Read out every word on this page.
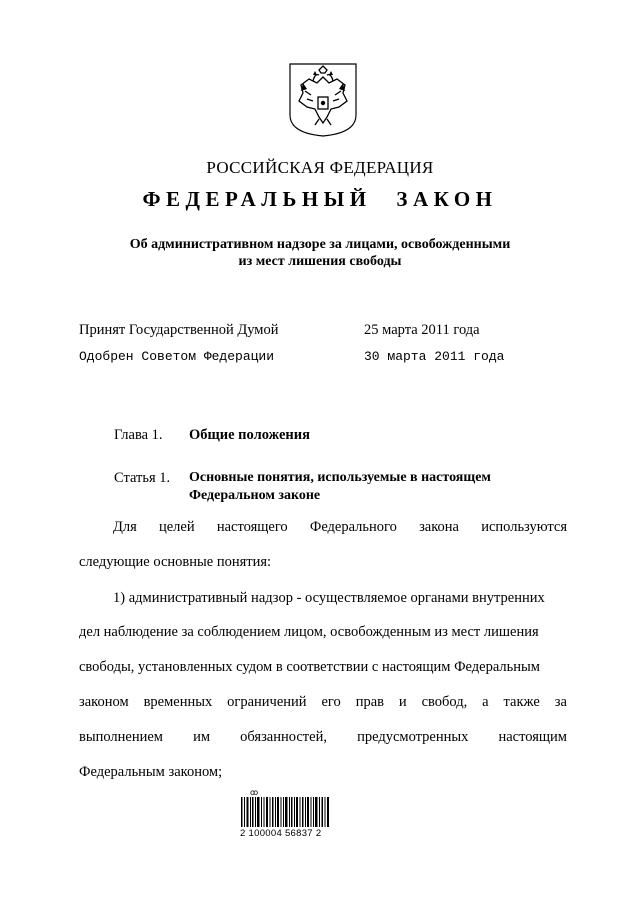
РОССИЙСКАЯ ФЕДЕРАЦИЯ
ФЕДЕРАЛЬНЫЙ ЗАКОН
Об административном надзоре за лицами, освобожденными
из мест лишения свободы
Принят Государственной Думой	25 марта 2011 года
Одобрен Советом Федерации	30 марта 2011 года
Глава 1. Общие положения
Статья 1. Основные понятия, используемые в настоящем Федеральном законе
Для целей настоящего Федерального закона используются
следующие основные понятия:
1) административный надзор - осуществляемое органами внутренних
дел наблюдение за соблюдением лицом, освобожденным из мест лишения
свободы, установленных судом в соответствии с настоящим Федеральным
законом временных ограничений его прав и свобод, а также за
выполнением им обязанностей, предусмотренных настоящим
Федеральным законом;
ꝏ
2 100004 56837 2
